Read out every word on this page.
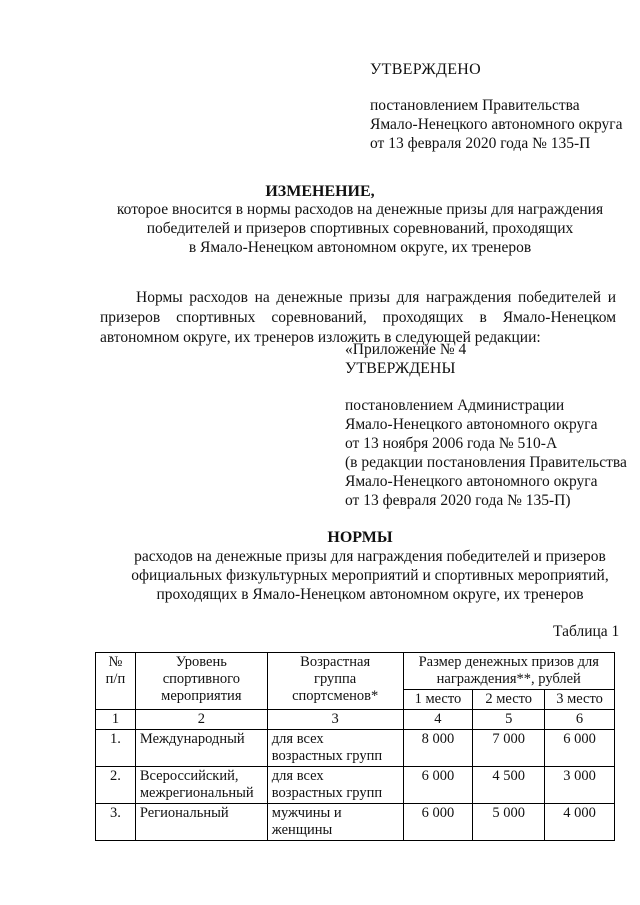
УТВЕРЖДЕНО
постановлением Правительства
Ямало-Ненецкого автономного округа
от 13 февраля 2020 года № 135-П
ИЗМЕНЕНИЕ,
которое вносится в нормы расходов на денежные призы для награждения
победителей и призеров спортивных соревнований, проходящих
в Ямало-Ненецком автономном округе, их тренеров
Нормы расходов на денежные призы для награждения победителей и
призеров спортивных соревнований, проходящих в Ямало-Ненецком
автономном округе, их тренеров изложить в следующей редакции:
«Приложение № 4
УТВЕРЖДЕНЫ
постановлением Администрации
Ямало-Ненецкого автономного округа
от 13 ноября 2006 года № 510-А
(в редакции постановления Правительства
Ямало-Ненецкого автономного округа
от 13 февраля 2020 года № 135-П)
НОРМЫ
расходов на денежные призы для награждения победителей и призеров
официальных физкультурных мероприятий и спортивных мероприятий,
проходящих в Ямало-Ненецком автономном округе, их тренеров
Таблица 1
№
п/п	Уровень
спортивного
мероприятия	Возрастная
группа
спортсменов*	Размер денежных призов для
награждения**, рублей		

			1 место	2 место	3 место
1	2	3	4	5	6
1.	Международный	для всех
возрастных групп	8 000	7 000	6 000
2.	Всероссийский,
межрегиональный	для всех
возрастных групп	6 000	4 500	3 000
3.	Региональный	мужчины и
женщины	6 000	5 000	4 000
